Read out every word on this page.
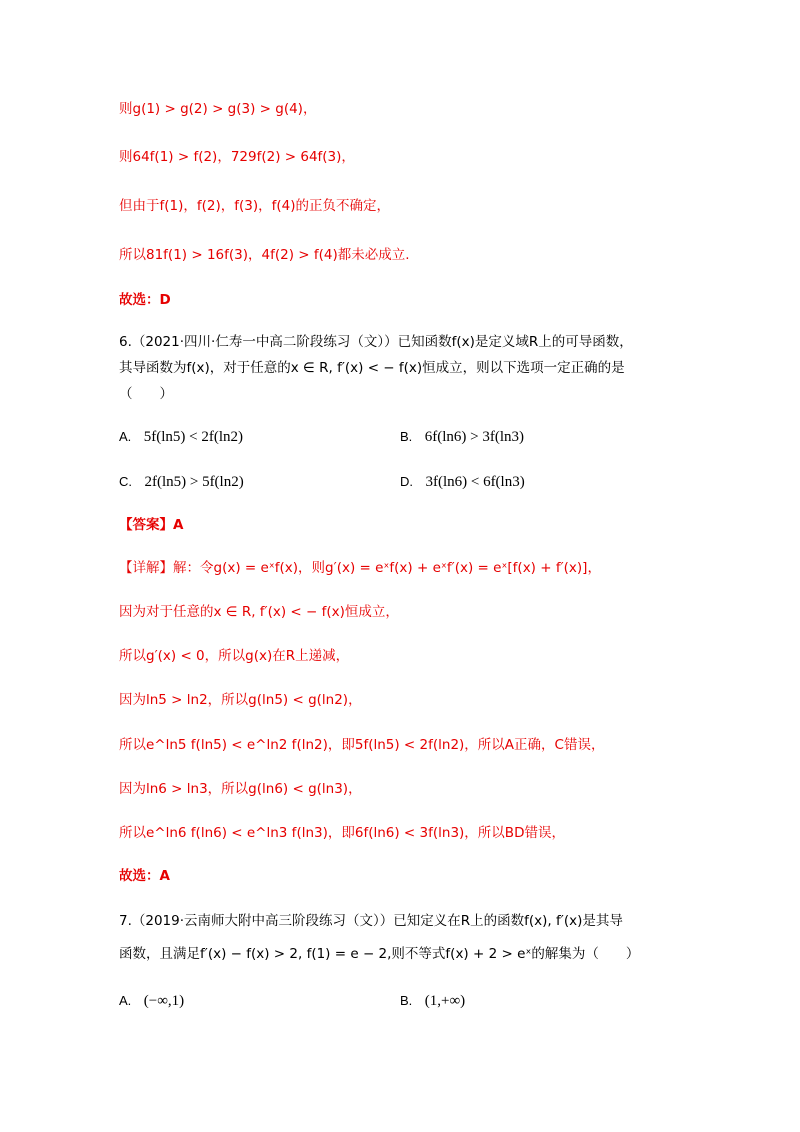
则g(1) > g(2) > g(3) > g(4)，
则64f(1) > f(2)，729f(2) > 64f(3)，
但由于f(1)，f(2)，f(3)，f(4)的正负不确定，
所以81f(1) > 16f(3)，4f(2) > f(4)都未必成立.
故选：D
6.（2021·四川·仁寿一中高二阶段练习（文））已知函数f(x)是定义域R上的可导函数，
其导函数为f(x)，对于任意的x ∈ R, f′(x) < − f(x)恒成立，则以下选项一定正确的是
（　　）
A. 5f(ln5) < 2f(ln2)	B. 6f(ln6) > 3f(ln3)
C. 2f(ln5) > 5f(ln2)	D. 3f(ln6) < 6f(ln3)
【答案】A
【详解】解：令g(x) = eˣf(x)，则g′(x) = eˣf(x) + eˣf′(x) = eˣ[f(x) + f′(x)]，
因为对于任意的x ∈ R, f′(x) < − f(x)恒成立，
所以g′(x) < 0，所以g(x)在R上递减，
因为ln5 > ln2，所以g(ln5) < g(ln2)，
所以e^ln5 f(ln5) < e^ln2 f(ln2)，即5f(ln5) < 2f(ln2)，所以A正确，C错误，
因为ln6 > ln3，所以g(ln6) < g(ln3)，
所以e^ln6 f(ln6) < e^ln3 f(ln3)，即6f(ln6) < 3f(ln3)，所以BD错误，
故选：A
7.（2019·云南师大附中高三阶段练习（文））已知定义在R上的函数f(x), f′(x)是其导
函数，且满足f′(x) − f(x) > 2, f(1) = e − 2,则不等式f(x) + 2 > eˣ的解集为（　　）
A. (−∞,1)	B. (1,+∞)
